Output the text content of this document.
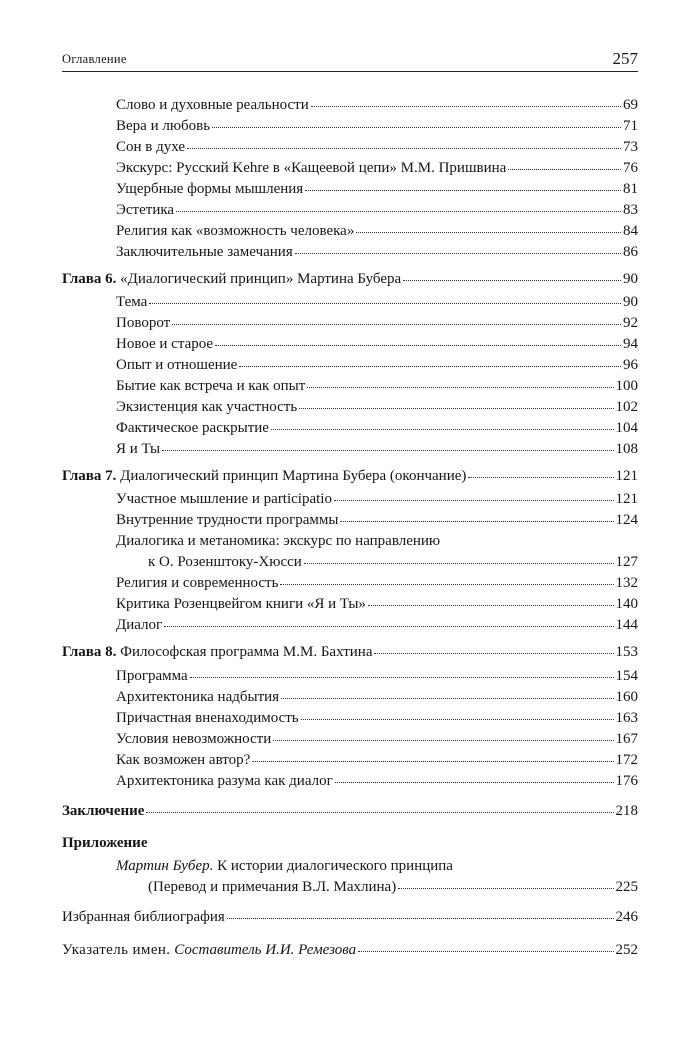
Оглавление	257
Слово и духовные реальности	69
Вера и любовь	71
Сон в духе	73
Экскурс: Русский Kehre в «Кащеевой цепи» М.М. Пришвина	76
Ущербные формы мышления	81
Эстетика	83
Религия как «возможность человека»	84
Заключительные замечания	86
Глава 6. «Диалогический принцип» Мартина Бубера	90
Тема	90
Поворот	92
Новое и старое	94
Опыт и отношение	96
Бытие как встреча и как опыт	100
Экзистенция как участность	102
Фактическое раскрытие	104
Я и Ты	108
Глава 7. Диалогический принцип Мартина Бубера (окончание)	121
Участное мышление и participatio	121
Внутренние трудности программы	124
Диалогика и метаномика: экскурс по направлению
к О. Розенштоку-Хюсси	127
Религия и современность	132
Критика Розенцвейгом книги «Я и Ты»	140
Диалог	144
Глава 8. Философская программа М.М. Бахтина	153
Программа	154
Архитектоника надбытия	160
Причастная вненаходимость	163
Условия невозможности	167
Как возможен автор?	172
Архитектоника разума как диалог	176
Заключение	218
Приложение
Мартин Бубер. К истории диалогического принципа
(Перевод и примечания В.Л. Махлина)	225
Избранная библиография	246
Указатель имен. Составитель И.И. Ремезова	252
